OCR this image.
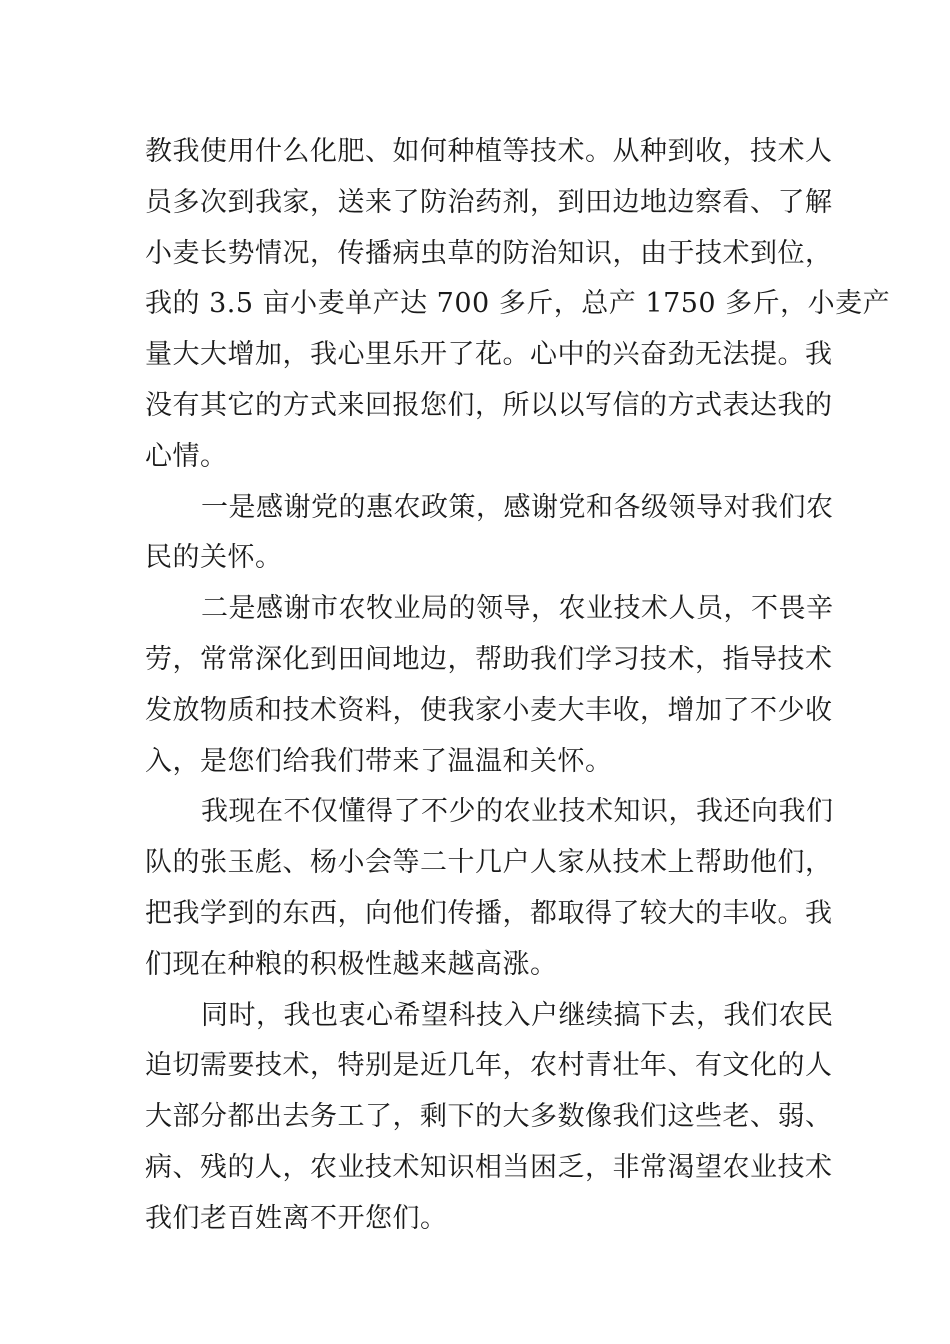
教我使用什么化肥、如何种植等技术。从种到收，技术人
员多次到我家，送来了防治药剂，到田边地边察看、了解
小麦长势情况，传播病虫草的防治知识，由于技术到位，
我的 3.5 亩小麦单产达 700 多斤，总产 1750 多斤，小麦产
量大大增加，我心里乐开了花。心中的兴奋劲无法提。我
没有其它的方式来回报您们，所以以写信的方式表达我的
心情。
一是感谢党的惠农政策，感谢党和各级领导对我们农
民的关怀。
二是感谢市农牧业局的领导，农业技术人员，不畏辛
劳，常常深化到田间地边，帮助我们学习技术，指导技术
发放物质和技术资料，使我家小麦大丰收，增加了不少收
入，是您们给我们带来了温温和关怀。
我现在不仅懂得了不少的农业技术知识，我还向我们
队的张玉彪、杨小会等二十几户人家从技术上帮助他们，
把我学到的东西，向他们传播，都取得了较大的丰收。我
们现在种粮的积极性越来越高涨。
同时，我也衷心希望科技入户继续搞下去，我们农民
迫切需要技术，特别是近几年，农村青壮年、有文化的人
大部分都出去务工了，剩下的大多数像我们这些老、弱、
病、残的人，农业技术知识相当困乏，非常渴望农业技术
我们老百姓离不开您们。
